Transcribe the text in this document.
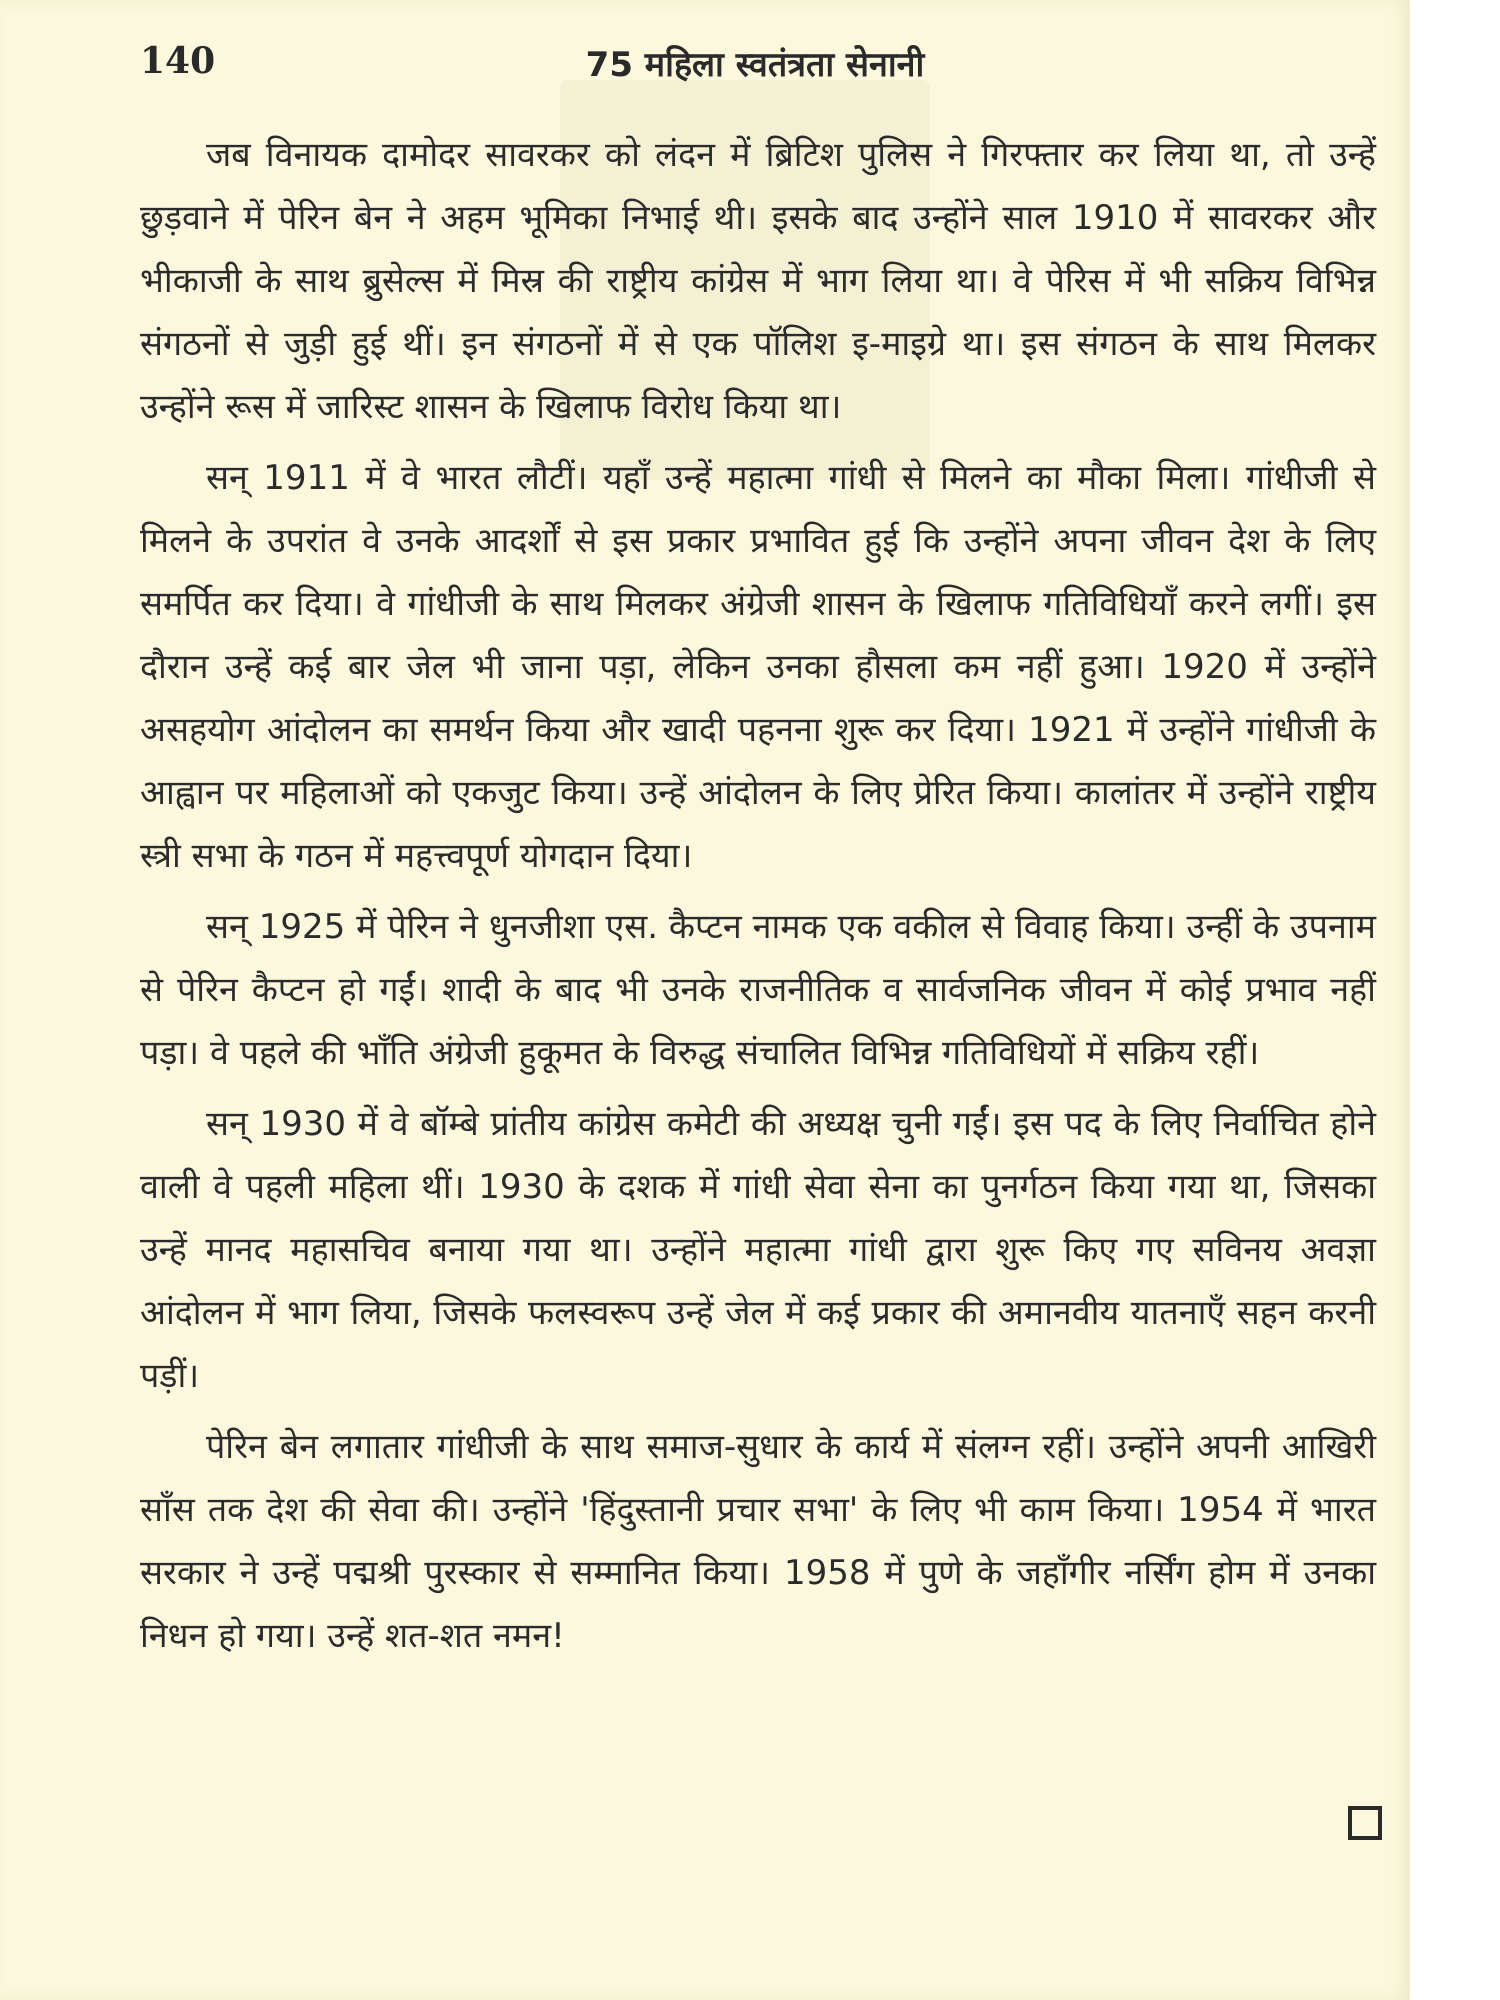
140	75 महिला स्वतंत्रता सेनानी

जब विनायक दामोदर सावरकर को लंदन में ब्रिटिश पुलिस ने गिरफ्तार कर लिया था, तो उन्हें छुड़वाने में पेरिन बेन ने अहम भूमिका निभाई थी। इसके बाद उन्होंने साल 1910 में सावरकर और भीकाजी के साथ ब्रुसेल्स में मिस्र की राष्ट्रीय कांग्रेस में भाग लिया था। वे पेरिस में भी सक्रिय विभिन्न संगठनों से जुड़ी हुई थीं। इन संगठनों में से एक पॉलिश इ-माइग्रे था। इस संगठन के साथ मिलकर उन्होंने रूस में जारिस्ट शासन के खिलाफ विरोध किया था।

सन् 1911 में वे भारत लौटीं। यहाँ उन्हें महात्मा गांधी से मिलने का मौका मिला। गांधीजी से मिलने के उपरांत वे उनके आदर्शों से इस प्रकार प्रभावित हुई कि उन्होंने अपना जीवन देश के लिए समर्पित कर दिया। वे गांधीजी के साथ मिलकर अंग्रेजी शासन के खिलाफ गतिविधियाँ करने लगीं। इस दौरान उन्हें कई बार जेल भी जाना पड़ा, लेकिन उनका हौसला कम नहीं हुआ। 1920 में उन्होंने असहयोग आंदोलन का समर्थन किया और खादी पहनना शुरू कर दिया। 1921 में उन्होंने गांधीजी के आह्वान पर महिलाओं को एकजुट किया। उन्हें आंदोलन के लिए प्रेरित किया। कालांतर में उन्होंने राष्ट्रीय स्त्री सभा के गठन में महत्त्वपूर्ण योगदान दिया।

सन् 1925 में पेरिन ने धुनजीशा एस. कैप्टन नामक एक वकील से विवाह किया। उन्हीं के उपनाम से पेरिन कैप्टन हो गईं। शादी के बाद भी उनके राजनीतिक व सार्वजनिक जीवन में कोई प्रभाव नहीं पड़ा। वे पहले की भाँति अंग्रेजी हुकूमत के विरुद्ध संचालित विभिन्न गतिविधियों में सक्रिय रहीं।

सन् 1930 में वे बॉम्बे प्रांतीय कांग्रेस कमेटी की अध्यक्ष चुनी गईं। इस पद के लिए निर्वाचित होने वाली वे पहली महिला थीं। 1930 के दशक में गांधी सेवा सेना का पुनर्गठन किया गया था, जिसका उन्हें मानद महासचिव बनाया गया था। उन्होंने महात्मा गांधी द्वारा शुरू किए गए सविनय अवज्ञा आंदोलन में भाग लिया, जिसके फलस्वरूप उन्हें जेल में कई प्रकार की अमानवीय यातनाएँ सहन करनी पड़ीं।

पेरिन बेन लगातार गांधीजी के साथ समाज-सुधार के कार्य में संलग्न रहीं। उन्होंने अपनी आखिरी साँस तक देश की सेवा की। उन्होंने 'हिंदुस्तानी प्रचार सभा' के लिए भी काम किया। 1954 में भारत सरकार ने उन्हें पद्मश्री पुरस्कार से सम्मानित किया। 1958 में पुणे के जहाँगीर नर्सिंग होम में उनका निधन हो गया। उन्हें शत-शत नमन!
